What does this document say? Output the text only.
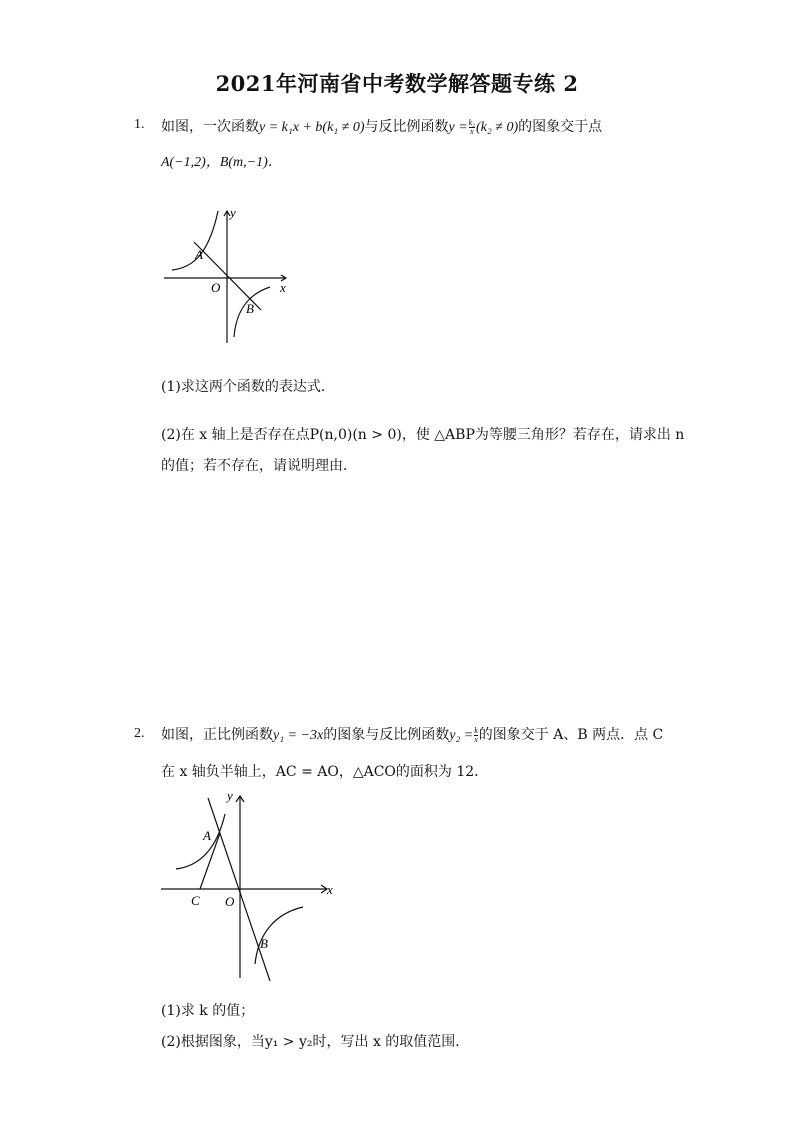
2021年河南省中考数学解答题专练 2
1. 如图，一次函数y = k₁x + b(k₁ ≠ 0)与反比例函数$y = \frac{\text{k₂}}{x} (k_2 \ne 0)$的图象交于点
A(−1,2)，B(m,−1)．
y
x
O
A
B
(1)求这两个函数的表达式．
(2)在 x 轴上是否存在点P(n,0)(n > 0)，使 △ABP为等腰三角形？若存在，请求出 n
的值；若不存在，请说明理由．
2. 如图，正比例函数y₁ = −3x的图象与反比例函数$y_2 = \frac{k}{x}$ 的图象交于 A、B 两点．点 C
在 x 轴负半轴上，AC = AO，△ACO的面积为 12．
y
x
O
A
B
C
(1)求 k 的值；
(2)根据图象，当y₁ > y₂时，写出 x 的取值范围．
